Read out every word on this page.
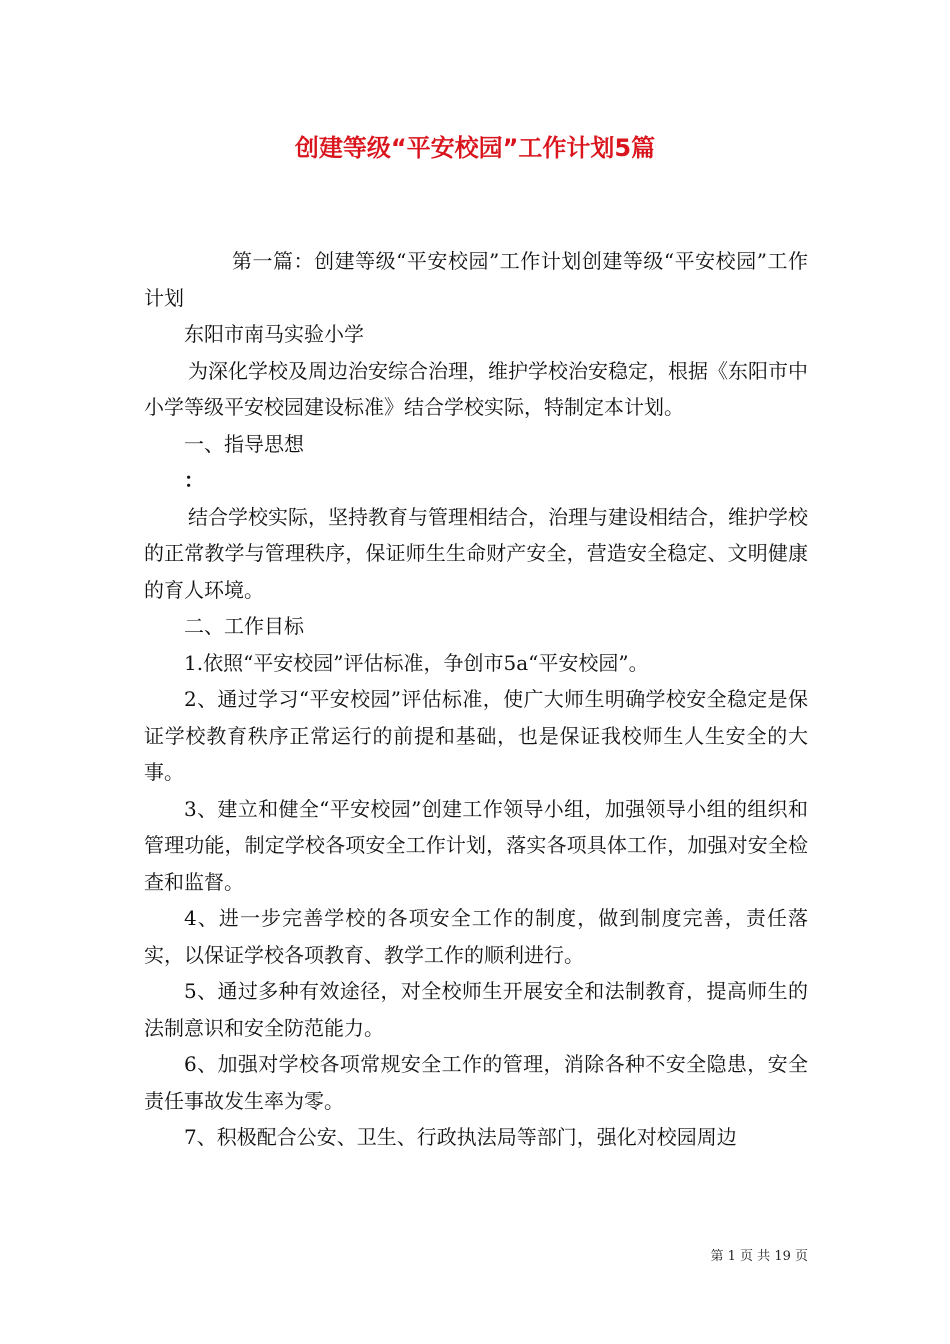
创建等级“平安校园”工作计划5篇

第一篇：创建等级“平安校园”工作计划创建等级“平安校园”工作计划

东阳市南马实验小学

为深化学校及周边治安综合治理，维护学校治安稳定，根据《东阳市中小学等级平安校园建设标准》结合学校实际，特制定本计划。

一、指导思想

：

结合学校实际，坚持教育与管理相结合，治理与建设相结合，维护学校的正常教学与管理秩序，保证师生生命财产安全，营造安全稳定、文明健康的育人环境。

二、工作目标

1.依照“平安校园”评估标准，争创市5a“平安校园”。

2、通过学习“平安校园”评估标准，使广大师生明确学校安全稳定是保证学校教育秩序正常运行的前提和基础，也是保证我校师生人生安全的大事。

3、建立和健全“平安校园”创建工作领导小组，加强领导小组的组织和管理功能，制定学校各项安全工作计划，落实各项具体工作，加强对安全检查和监督。

4、进一步完善学校的各项安全工作的制度，做到制度完善，责任落实，以保证学校各项教育、教学工作的顺利进行。

5、通过多种有效途径，对全校师生开展安全和法制教育，提高师生的法制意识和安全防范能力。

6、加强对学校各项常规安全工作的管理，消除各种不安全隐患，安全责任事故发生率为零。

7、积极配合公安、卫生、行政执法局等部门，强化对校园周边

第 1 页 共 19 页
